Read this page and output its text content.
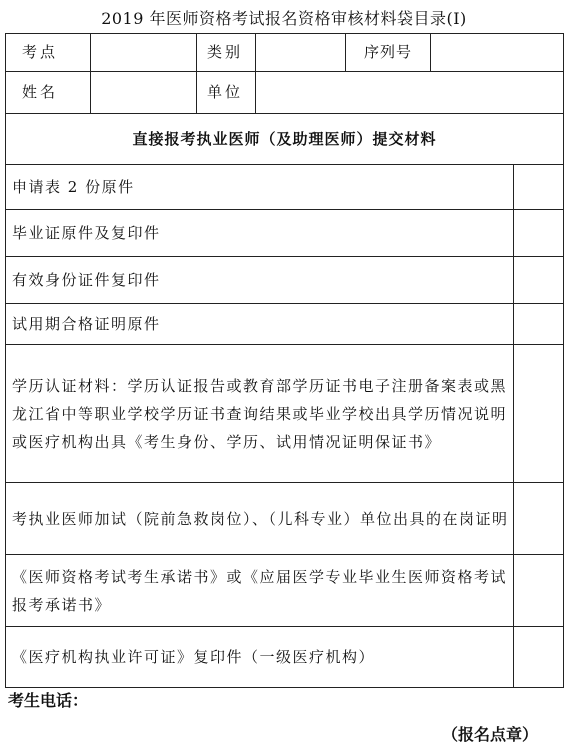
2019 年医师资格考试报名资格审核材料袋目录(I)
考点		类别		序列号		
姓名		单位				
直接报考执业医师（及助理医师）提交材料						
申请表 2 份原件						
毕业证原件及复印件						
有效身份证件复印件						
试用期合格证明原件						
学历认证材料：学历认证报告或教育部学历证书电子注册备案表或黑龙江省中等职业学校学历证书查询结果或毕业学校出具学历情况说明或医疗机构出具《考生身份、学历、试用情况证明保证书》						
考执业医师加试（院前急救岗位）、（儿科专业）单位出具的在岗证明						
《医师资格考试考生承诺书》或《应届医学专业毕业生医师资格考试报考承诺书》						
《医疗机构执业许可证》复印件（一级医疗机构）						
考生电话：
（报名点章）
